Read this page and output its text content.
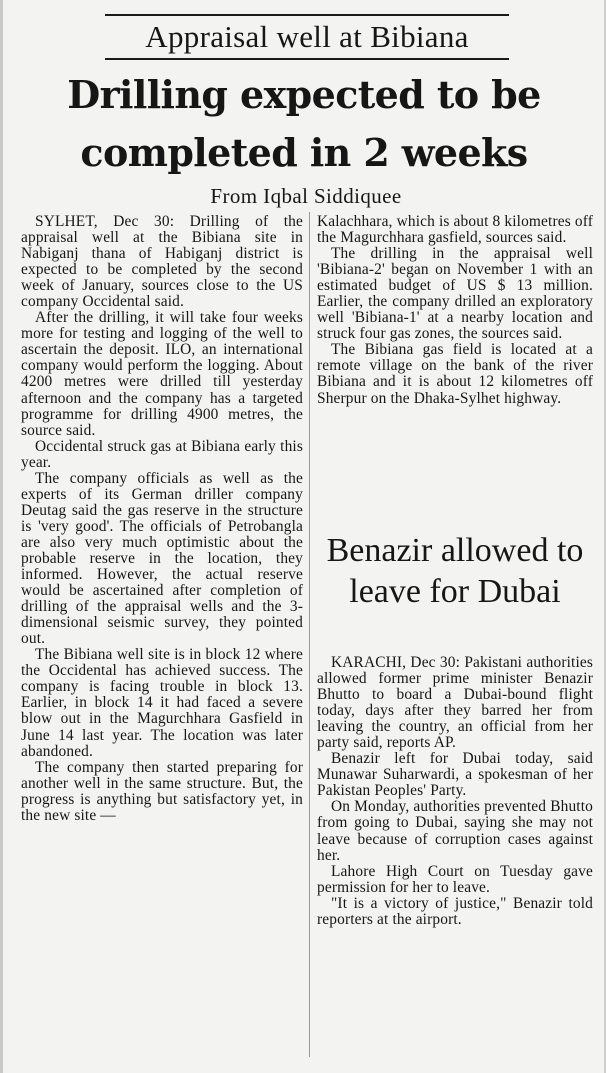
Appraisal well at Bibiana
Drilling expected to be completed in 2 weeks
From Iqbal Siddiquee

SYLHET, Dec 30: Drilling of the appraisal well at the Bibiana site in Nabiganj thana of Habiganj district is expected to be completed by the second week of January, sources close to the US company Occidental said.

After the drilling, it will take four weeks more for testing and logging of the well to ascertain the deposit. ILO, an international company would perform the logging. About 4200 metres were drilled till yesterday afternoon and the company has a targeted programme for drilling 4900 metres, the source said.

Occidental struck gas at Bibiana early this year.

The company officials as well as the experts of its German driller company Deutag said the gas reserve in the structure is 'very good'. The officials of Petrobangla are also very much optimistic about the probable reserve in the location, they informed. However, the actual reserve would be ascertained after completion of drilling of the appraisal wells and the 3-dimensional seismic survey, they pointed out.

The Bibiana well site is in block 12 where the Occidental has achieved success. The company is facing trouble in block 13. Earlier, in block 14 it had faced a severe blow out in the Magurchhara Gasfield in June 14 last year. The location was later abandoned.

The company then started preparing for another well in the same structure. But, the progress is anything but satisfactory yet, in the new site —

Kalachhara, which is about 8 kilometres off the Magurchhara gasfield, sources said.

The drilling in the appraisal well 'Bibiana-2' began on November 1 with an estimated budget of US $ 13 million. Earlier, the company drilled an exploratory well 'Bibiana-1' at a nearby location and struck four gas zones, the sources said.

The Bibiana gas field is located at a remote village on the bank of the river Bibiana and it is about 12 kilometres off Sherpur on the Dhaka-Sylhet highway.

Benazir allowed to leave for Dubai

KARACHI, Dec 30: Pakistani authorities allowed former prime minister Benazir Bhutto to board a Dubai-bound flight today, days after they barred her from leaving the country, an official from her party said, reports AP.

Benazir left for Dubai today, said Munawar Suharwardi, a spokesman of her Pakistan Peoples' Party.

On Monday, authorities prevented Bhutto from going to Dubai, saying she may not leave because of corruption cases against her.

Lahore High Court on Tuesday gave permission for her to leave.

"It is a victory of justice," Benazir told reporters at the airport.
